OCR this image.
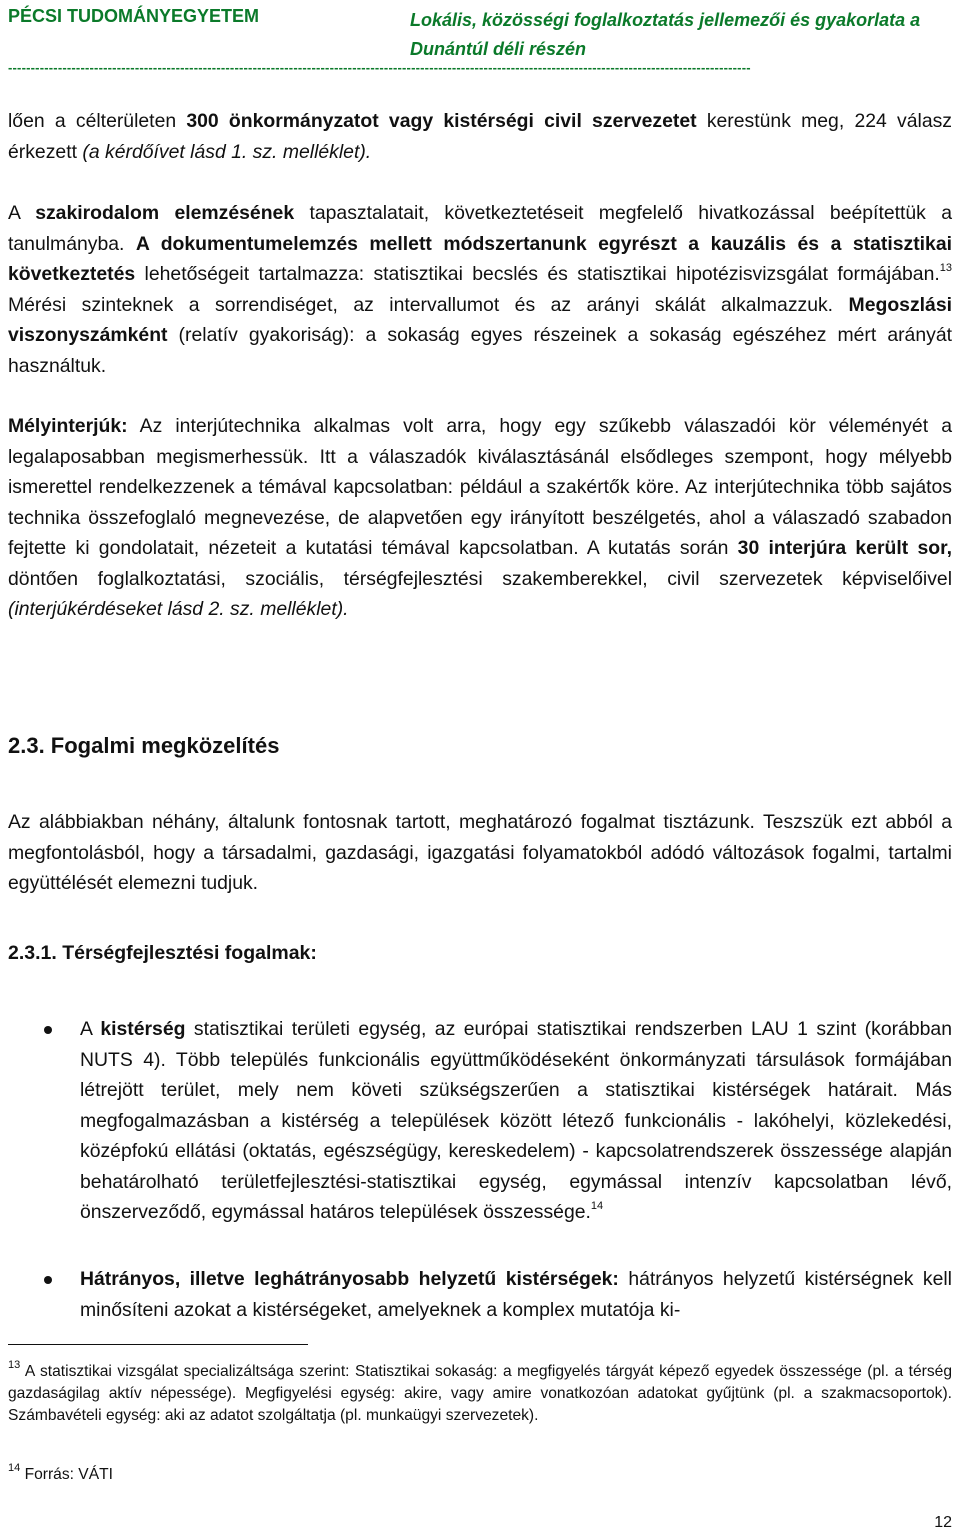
PÉCSI TUDOMÁNYEGYETEM	Lokális, közösségi foglalkoztatás jellemezői és gyakorlata a Dunántúl déli részén
--------------------------------------------------------------------------------------------------------------------------------------------------------------------

lően a célterületen 300 önkormányzatot vagy kistérségi civil szervezetet kerestünk meg, 224 válasz érkezett (a kérdőívet lásd 1. sz. melléklet).

A szakirodalom elemzésének tapasztalatait, következtetéseit megfelelő hivatkozással beépítettük a tanulmányba. A dokumentumelemzés mellett módszertanunk egyrészt a kauzális és a statisztikai következtetés lehetőségeit tartalmazza: statisztikai becslés és statisztikai hipotézisvizsgálat formájában.$^{13}$ Mérési szinteknek a sorrendiséget, az intervallumot és az arányi skálát alkalmazzuk. Megoszlási viszonyszámként (relatív gyakoriság): a sokaság egyes részeinek a sokaság egészéhez mért arányát használtuk.

Mélyinterjúk: Az interjútechnika alkalmas volt arra, hogy egy szűkebb válaszadói kör véleményét a legalaposabban megismerhessük. Itt a válaszadók kiválasztásánál elsődleges szempont, hogy mélyebb ismerettel rendelkezzenek a témával kapcsolatban: például a szakértők köre. Az interjútechnika több sajátos technika összefoglaló megnevezése, de alapvetően egy irányított beszélgetés, ahol a válaszadó szabadon fejtette ki gondolatait, nézeteit a kutatási témával kapcsolatban. A kutatás során 30 interjúra került sor, döntően foglalkoztatási, szociális, térségfejlesztési szakemberekkel, civil szervezetek képviselőivel (interjúkérdéseket lásd 2. sz. melléklet).

2.3. Fogalmi megközelítés

Az alábbiakban néhány, általunk fontosnak tartott, meghatározó fogalmat tisztázunk. Teszszük ezt abból a megfontolásból, hogy a társadalmi, gazdasági, igazgatási folyamatokból adódó változások fogalmi, tartalmi együttélését elemezni tudjuk.

2.3.1. Térségfejlesztési fogalmak:

A kistérség statisztikai területi egység, az európai statisztikai rendszerben LAU 1 szint (korábban NUTS 4). Több település funkcionális együttműködéseként önkormányzati társulások formájában létrejött terület, mely nem követi szükségszerűen a statisztikai kistérségek határait. Más megfogalmazásban a kistérség a települések között létező funkcionális - lakóhelyi, közlekedési, középfokú ellátási (oktatás, egészségügy, kereskedelem) - kapcsolatrendszerek összessége alapján behatárolható területfejlesztési-statisztikai egység, egymással intenzív kapcsolatban lévő, önszerveződő, egymással határos települések összessége.$^{14}$

Hátrányos, illetve leghátrányosabb helyzetű kistérségek: hátrányos helyzetű kistérségnek kell minősíteni azokat a kistérségeket, amelyeknek a komplex mutatója ki-

$^{13}$ A statisztikai vizsgálat specializáltsága szerint: Statisztikai sokaság: a megfigyelés tárgyát képező egyedek összessége (pl. a térség gazdaságilag aktív népessége). Megfigyelési egység: akire, vagy amire vonatkozóan adatokat gyűjtünk (pl. a szakmacsoportok). Számbavételi egység: aki az adatot szolgáltatja (pl. munkaügyi szervezetek).

$^{14}$ Forrás: VÁTI

12
